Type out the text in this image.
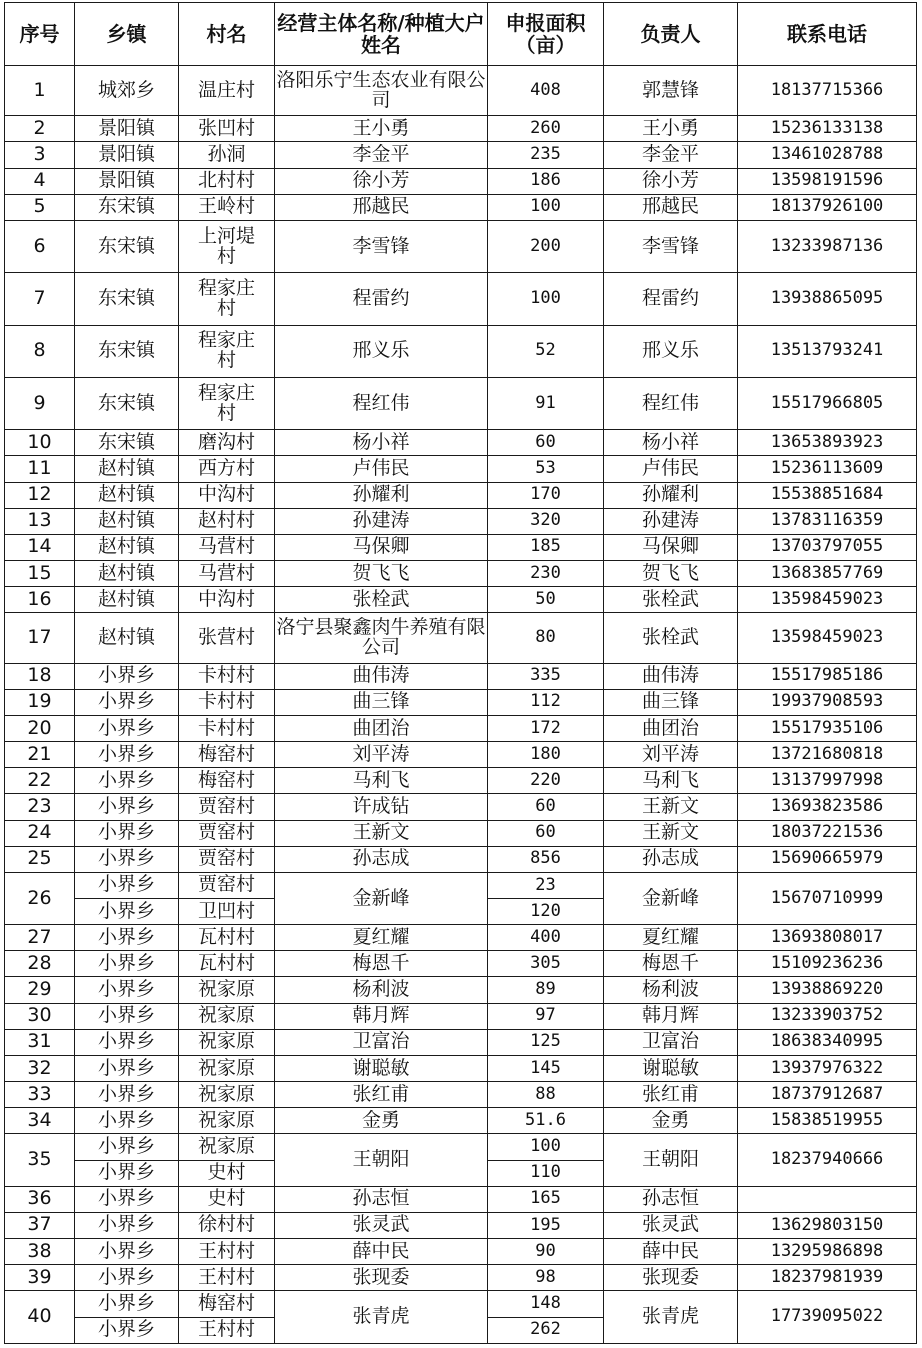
序号	乡镇	村名	经营主体名称/种植大户姓名	申报面积（亩）	负责人	联系电话
1	城郊乡	温庄村	洛阳乐宁生态农业有限公司	408	郭慧锋	18137715366
2	景阳镇	张凹村	王小勇	260	王小勇	15236133138
3	景阳镇	孙洞	李金平	235	李金平	13461028788
4	景阳镇	北村村	徐小芳	186	徐小芳	13598191596
5	东宋镇	王岭村	邢越民	100	邢越民	18137926100
6	东宋镇	上河堤村	李雪锋	200	李雪锋	13233987136
7	东宋镇	程家庄村	程雷约	100	程雷约	13938865095
8	东宋镇	程家庄村	邢义乐	52	邢义乐	13513793241
9	东宋镇	程家庄村	程红伟	91	程红伟	15517966805
10	东宋镇	磨沟村	杨小祥	60	杨小祥	13653893923
11	赵村镇	西方村	卢伟民	53	卢伟民	15236113609
12	赵村镇	中沟村	孙耀利	170	孙耀利	15538851684
13	赵村镇	赵村村	孙建涛	320	孙建涛	13783116359
14	赵村镇	马营村	马保卿	185	马保卿	13703797055
15	赵村镇	马营村	贺飞飞	230	贺飞飞	13683857769
16	赵村镇	中沟村	张栓武	50	张栓武	13598459023
17	赵村镇	张营村	洛宁县聚鑫肉牛养殖有限公司	80	张栓武	13598459023
18	小界乡	卡村村	曲伟涛	335	曲伟涛	15517985186
19	小界乡	卡村村	曲三锋	112	曲三锋	19937908593
20	小界乡	卡村村	曲团治	172	曲团治	15517935106
21	小界乡	梅窑村	刘平涛	180	刘平涛	13721680818
22	小界乡	梅窑村	马利飞	220	马利飞	13137997998
23	小界乡	贾窑村	许成钻	60	王新文	13693823586
24	小界乡	贾窑村	王新文	60	王新文	18037221536
25	小界乡	贾窑村	孙志成	856	孙志成	15690665979
26	小界乡	贾窑村	金新峰	23	金新峰	15670710999
	小界乡	卫凹村		120		
27	小界乡	瓦村村	夏红耀	400	夏红耀	13693808017
28	小界乡	瓦村村	梅恩千	305	梅恩千	15109236236
29	小界乡	祝家原	杨利波	89	杨利波	13938869220
30	小界乡	祝家原	韩月辉	97	韩月辉	13233903752
31	小界乡	祝家原	卫富治	125	卫富治	18638340995
32	小界乡	祝家原	谢聪敏	145	谢聪敏	13937976322
33	小界乡	祝家原	张红甫	88	张红甫	18737912687
34	小界乡	祝家原	金勇	51.6	金勇	15838519955
35	小界乡	祝家原	王朝阳	100	王朝阳	18237940666
	小界乡	史村		110		
36	小界乡	史村	孙志恒	165	孙志恒	
37	小界乡	徐村村	张灵武	195	张灵武	13629803150
38	小界乡	王村村	薛中民	90	薛中民	13295986898
39	小界乡	王村村	张现委	98	张现委	18237981939
40	小界乡	梅窑村	张青虎	148	张青虎	17739095022
	小界乡	王村村		262		
